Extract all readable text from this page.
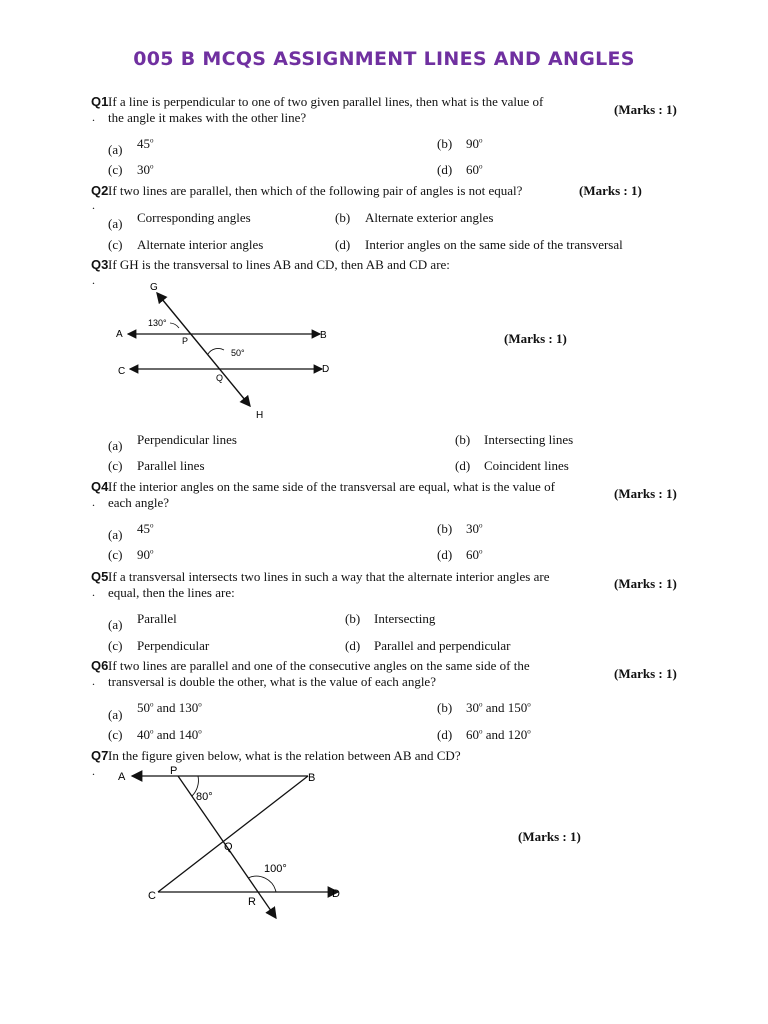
005 B MCQS ASSIGNMENT LINES AND ANGLES
Q1 If a line is perpendicular to one of two given parallel lines, then what is the value of
. the angle it makes with the other line?
(Marks : 1)
(a) 45$^o$	(b) 90$^o$
(c) 30$^o$	(d) 60$^o$
Q2 If two lines are parallel, then which of the following pair of angles is not equal?	(Marks : 1)
.
(a) Corresponding angles	(b) Alternate exterior angles
(c) Alternate interior angles	(d) Interior angles on the same side of the transversal
Q3 If GH is the transversal to lines AB and CD, then AB and CD are:
.
(Marks : 1)
G
A	B
C	D
P
Q
H
130°
50°
(a) Perpendicular lines	(b) Intersecting lines
(c) Parallel lines	(d) Coincident lines
Q4 If the interior angles on the same side of the transversal are equal, what is the value of
. each angle?
(Marks : 1)
(a) 45$^o$	(b) 30$^o$
(c) 90$^o$	(d) 60$^o$
Q5 If a transversal intersects two lines in such a way that the alternate interior angles are
. equal, then the lines are:
(Marks : 1)
(a) Parallel	(b) Intersecting
(c) Perpendicular	(d) Parallel and perpendicular
Q6 If two lines are parallel and one of the consecutive angles on the same side of the
. transversal is double the other, what is the value of each angle?
(Marks : 1)
(a) 50$^o$ and 130$^o$	(b) 30$^o$ and 150$^o$
(c) 40$^o$ and 140$^o$	(d) 60$^o$ and 120$^o$
Q7 In the figure given below, what is the relation between AB and CD?
.
(Marks : 1)
A	P
B
Q
C	R
D
80°
100°
